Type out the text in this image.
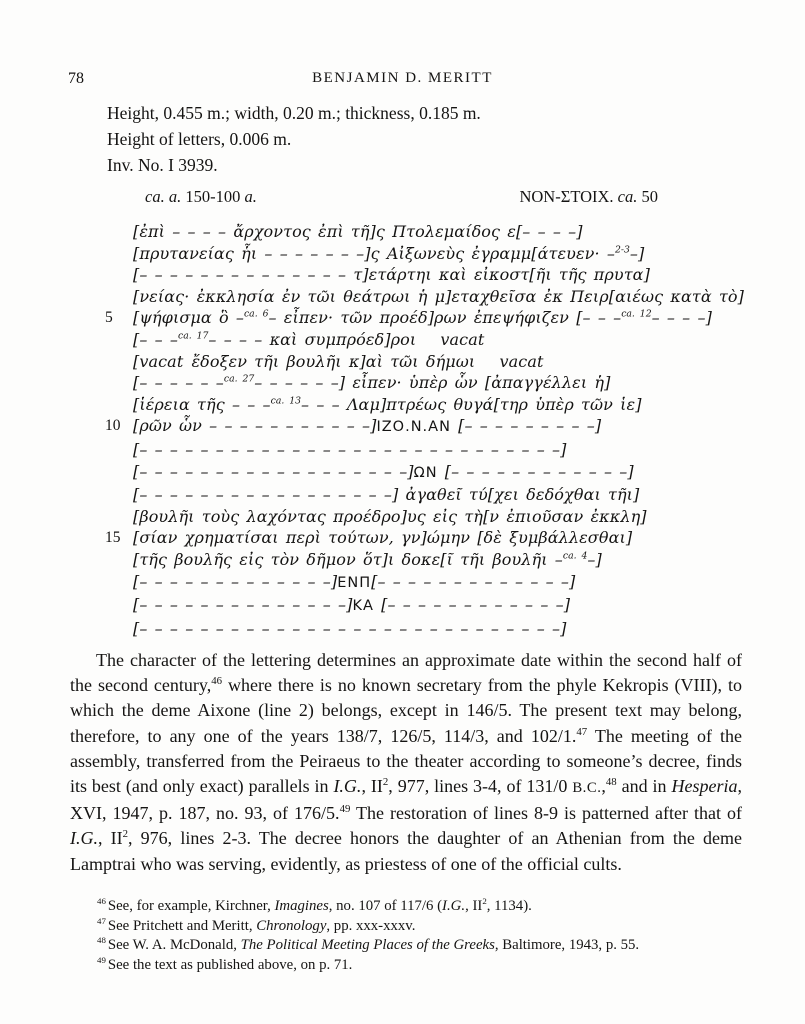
78	BENJAMIN D. MERITT
Height, 0.455 m.; width, 0.20 m.; thickness, 0.185 m.
Height of letters, 0.006 m.
Inv. No. I 3939.
ca. a. 150-100 a.	NON-ΣΤΟΙΧ. ca. 50
[ἐπὶ – – – – ἄρχοντος ἐπὶ τῆ]ς Πτολεμαίδος ε[– – – –]
[πρυτανείας ἧι – – – – – – –]ς Αἰξωνεὺς ἐγραμμ[άτευεν· –$^{2-3}$–]
[– – – – – – – – – – – – – – τ]ετάρτηι καὶ εἰκοστ[ῆι τῆς πρυτα]
[νείας· ἐκκλησία ἐν τῶι θεάτρωι ἡ μ]εταχθεῖσα ἐκ Πειρ[αιέως κατὰ τὸ]
5	[ψήφισμα ὃ –$^{ca. 6}$– εἶπεν· τῶν προέδ]ρων ἐπεψήφιζεν [– – –$^{ca. 12}$– – – –]
[– – –$^{ca. 17}$– – – – καὶ συμπρόεδ]ροι   vacat
[vacat ἔδοξεν τῆι βουλῆι κ]αὶ τῶι δήμωι   vacat
[– – – – – –$^{ca. 27}$– – – – – –] εἶπεν· ὑπὲρ ὧν [ἀπαγγέλλει ἡ]
[ἱέρεια τῆς – – –$^{ca. 13}$– – – Λαμ]πτρέως θυγά[τηρ ὑπὲρ τῶν ἱε]
10 [ρῶν ὧν – – – – – – – – – – –]ΙΖΟ.Ν.ΑΝ [– – – – – – – – –]
[– – – – – – – – – – – – – – – – – – – – – – – – – – – –]
[– – – – – – – – – – – – – – – – – –]ΩΝ [– – – – – – – – – – – –]
[– – – – – – – – – – – – – – – – –] ἀγαθεῖ τύ[χει δεδόχθαι τῆι]
[βουλῆι τοὺς λαχόντας προέδρο]υς εἰς τὴ[ν ἐπιοῦσαν ἐκκλη]
15 [σίαν χρηματίσαι περὶ τούτων, γν]ώμην [δὲ ξυμβάλλεσθαι]
[τῆς βουλῆς εἰς τὸν δῆμον ὅτ]ι δοκε[ῖ τῆι βουλῆι –$^{ca. 4}$–]
[– – – – – – – – – – – – –]ΕΝΠ[– – – – – – – – – – – – –]
[– – – – – – – – – – – – – –]ΚΑ [– – – – – – – – – – – –]
[– – – – – – – – – – – – – – – – – – – – – – – – – – – –]

The character of the lettering determines an approximate date within the second half of the second century,$^{46}$ where there is no known secretary from the phyle Kekropis (VIII), to which the deme Aixone (line 2) belongs, except in 146/5. The present text may belong, therefore, to any one of the years 138/7, 126/5, 114/3, and 102/1.47 The meeting of the assembly, transferred from the Peiraeus to the theater according to someone’s decree, finds its best (and only exact) parallels in I.G., $II^2$, 977, lines 3-4, of 131/0 B.C.,$^{48}$ and in Hesperia, XVI, 1947, p. 187, no. 93, of 176/5.49 The restoration of lines 8-9 is patterned after that of I.G., $II^2$, 976, lines 2-3. The decree honors the daughter of an Athenian from the deme Lamptrai who was serving, evidently, as priestess of one of the official cults.

$^{46}$ See, for example, Kirchner, Imagines, no. 107 of 117/6 (I.G., $II^2$, 1134).

$^{47}$ See Pritchett and Meritt, Chronology, pp. xxx-xxxv.

$^{48}$ See W. A. McDonald, The Political Meeting Places of the Greeks, Baltimore, 1943, p. 55.

$^{49}$ See the text as published above, on p. 71.
